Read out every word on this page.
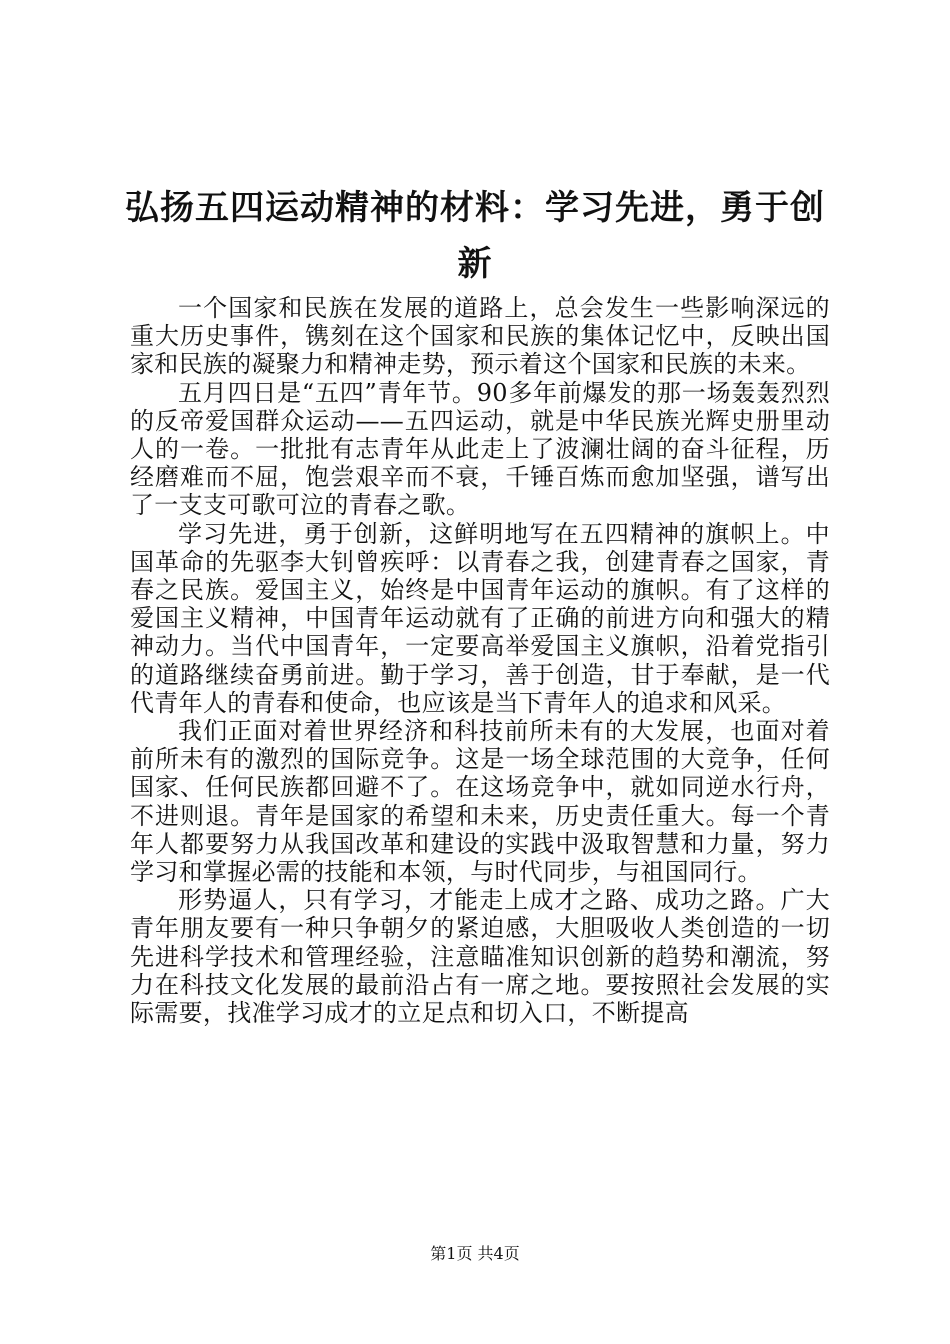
弘扬五四运动精神的材料：学习先进，勇于创新

一个国家和民族在发展的道路上，总会发生一些影响深远的重大历史事件，镌刻在这个国家和民族的集体记忆中，反映出国家和民族的凝聚力和精神走势，预示着这个国家和民族的未来。

五月四日是“五四”青年节。90多年前爆发的那一场轰轰烈烈的反帝爱国群众运动——五四运动，就是中华民族光辉史册里动人的一卷。一批批有志青年从此走上了波澜壮阔的奋斗征程，历经磨难而不屈，饱尝艰辛而不衰，千锤百炼而愈加坚强，谱写出了一支支可歌可泣的青春之歌。

学习先进，勇于创新，这鲜明地写在五四精神的旗帜上。中国革命的先驱李大钊曾疾呼：以青春之我，创建青春之国家，青春之民族。爱国主义，始终是中国青年运动的旗帜。有了这样的爱国主义精神，中国青年运动就有了正确的前进方向和强大的精神动力。当代中国青年，一定要高举爱国主义旗帜，沿着党指引的道路继续奋勇前进。勤于学习，善于创造，甘于奉献，是一代代青年人的青春和使命，也应该是当下青年人的追求和风采。

我们正面对着世界经济和科技前所未有的大发展，也面对着前所未有的激烈的国际竞争。这是一场全球范围的大竞争，任何国家、任何民族都回避不了。在这场竞争中，就如同逆水行舟，不进则退。青年是国家的希望和未来，历史责任重大。每一个青年人都要努力从我国改革和建设的实践中汲取智慧和力量，努力学习和掌握必需的技能和本领，与时代同步，与祖国同行。

形势逼人，只有学习，才能走上成才之路、成功之路。广大青年朋友要有一种只争朝夕的紧迫感，大胆吸收人类创造的一切先进科学技术和管理经验，注意瞄准知识创新的趋势和潮流，努力在科技文化发展的最前沿占有一席之地。要按照社会发展的实际需要，找准学习成才的立足点和切入口，不断提高

第1页 共4页
